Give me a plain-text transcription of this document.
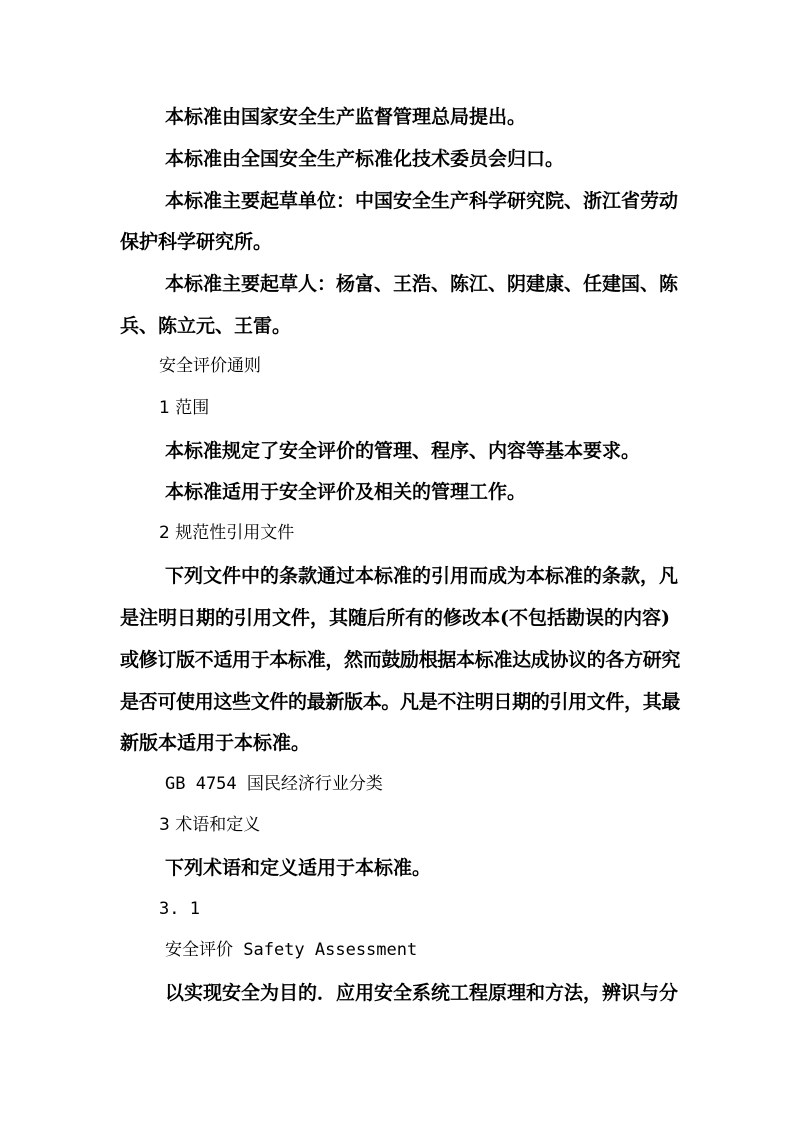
本标准由国家安全生产监督管理总局提出。
本标准由全国安全生产标准化技术委员会归口。
本标准主要起草单位：中国安全生产科学研究院、浙江省劳动
保护科学研究所。
本标准主要起草人：杨富、王浩、陈江、阴建康、任建国、陈
兵、陈立元、王雷。
安全评价通则
1 范围
本标准规定了安全评价的管理、程序、内容等基本要求。
本标准适用于安全评价及相关的管理工作。
2 规范性引用文件
下列文件中的条款通过本标准的引用而成为本标准的条款，凡
是注明日期的引用文件，其随后所有的修改本(不包括勘误的内容)
或修订版不适用于本标准，然而鼓励根据本标准达成协议的各方研究
是否可使用这些文件的最新版本。凡是不注明日期的引用文件，其最
新版本适用于本标准。
GB 4754 国民经济行业分类
3 术语和定义
下列术语和定义适用于本标准。
3. 1
安全评价 Safety Assessment
以实现安全为目的．应用安全系统工程原理和方法，辨识与分
